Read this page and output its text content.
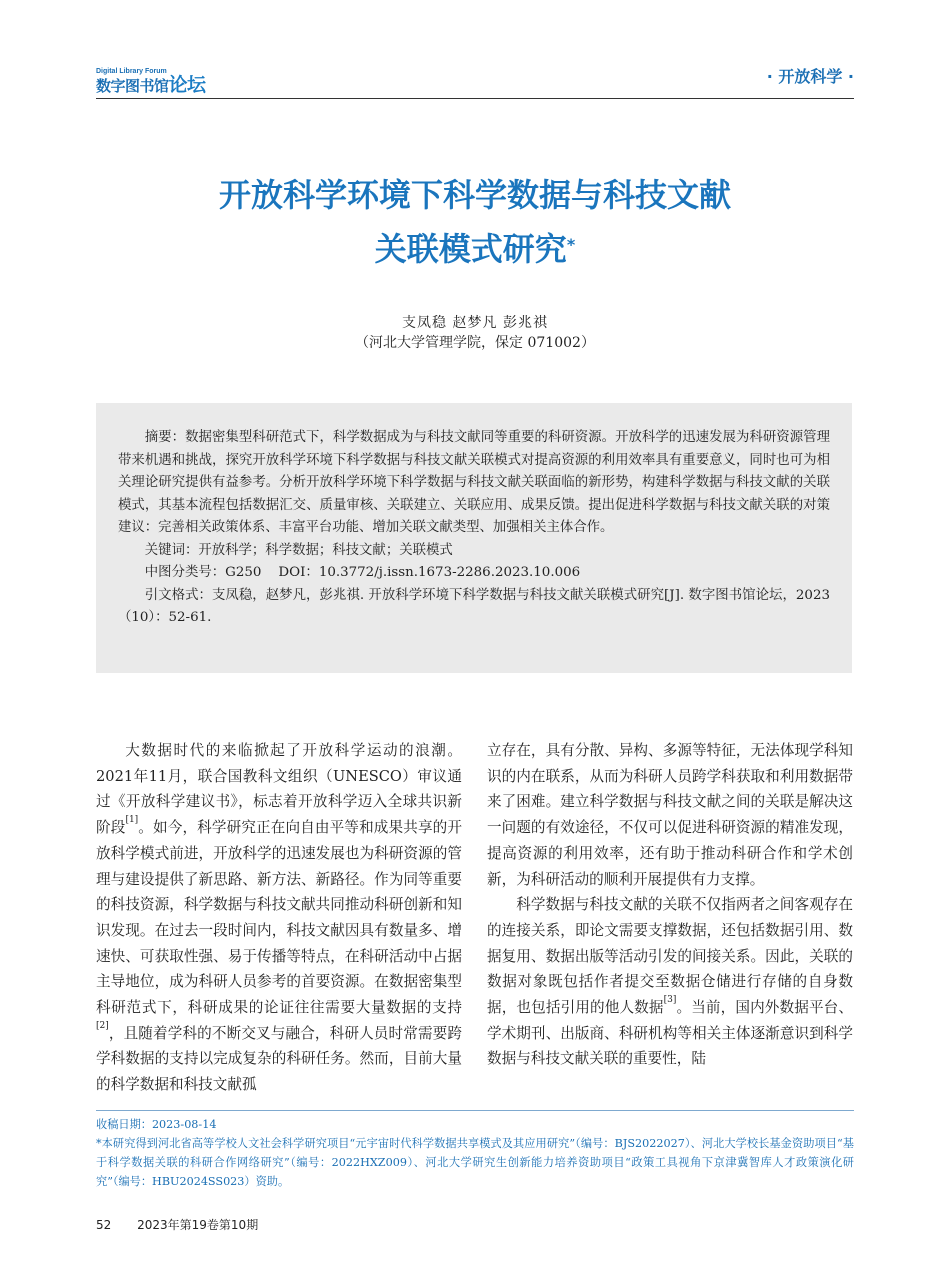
Digital Library Forum
数字图书馆论坛	· 开放科学 ·
开放科学环境下科学数据与科技文献
关联模式研究*
支凤稳 赵梦凡 彭兆祺
（河北大学管理学院，保定 071002）

摘要：数据密集型科研范式下，科学数据成为与科技文献同等重要的科研资源。开放科学的迅速发展为科研资源管理带来机遇和挑战，探究开放科学环境下科学数据与科技文献关联模式对提高资源的利用效率具有重要意义，同时也可为相关理论研究提供有益参考。分析开放科学环境下科学数据与科技文献关联面临的新形势，构建科学数据与科技文献的关联模式，其基本流程包括数据汇交、质量审核、关联建立、关联应用、成果反馈。提出促进科学数据与科技文献关联的对策建议：完善相关政策体系、丰富平台功能、增加关联文献类型、加强相关主体合作。

关键词：开放科学；科学数据；科技文献；关联模式

中图分类号：G250    DOI：10.3772/j.issn.1673-2286.2023.10.006

引文格式：支凤稳，赵梦凡，彭兆祺. 开放科学环境下科学数据与科技文献关联模式研究[J]. 数字图书馆论坛，2023（10）：52-61.

大数据时代的来临掀起了开放科学运动的浪潮。2021年11月，联合国教科文组织（UNESCO）审议通过《开放科学建议书》，标志着开放科学迈入全球共识新阶段[1]。如今，科学研究正在向自由平等和成果共享的开放科学模式前进，开放科学的迅速发展也为科研资源的管理与建设提供了新思路、新方法、新路径。作为同等重要的科技资源，科学数据与科技文献共同推动科研创新和知识发现。在过去一段时间内，科技文献因具有数量多、增速快、可获取性强、易于传播等特点，在科研活动中占据主导地位，成为科研人员参考的首要资源。在数据密集型科研范式下，科研成果的论证往往需要大量数据的支持[2]，且随着学科的不断交叉与融合，科研人员时常需要跨学科数据的支持以完成复杂的科研任务。然而，目前大量的科学数据和科技文献孤

立存在，具有分散、异构、多源等特征，无法体现学科知识的内在联系，从而为科研人员跨学科获取和利用数据带来了困难。建立科学数据与科技文献之间的关联是解决这一问题的有效途径，不仅可以促进科研资源的精准发现，提高资源的利用效率，还有助于推动科研合作和学术创新，为科研活动的顺利开展提供有力支撑。

科学数据与科技文献的关联不仅指两者之间客观存在的连接关系，即论文需要支撑数据，还包括数据引用、数据复用、数据出版等活动引发的间接关系。因此，关联的数据对象既包括作者提交至数据仓储进行存储的自身数据，也包括引用的他人数据[3]。当前，国内外数据平台、学术期刊、出版商、科研机构等相关主体逐渐意识到科学数据与科技文献关联的重要性，陆

收稿日期：2023-08-14

*本研究得到河北省高等学校人文社会科学研究项目“元宇宙时代科学数据共享模式及其应用研究”（编号：BJS2022027）、河北大学校长基金资助项目“基于科学数据关联的科研合作网络研究”（编号：2022HXZ009）、河北大学研究生创新能力培养资助项目“政策工具视角下京津冀智库人才政策演化研究”（编号：HBU2024SS023）资助。

52 2023年第19卷第10期
